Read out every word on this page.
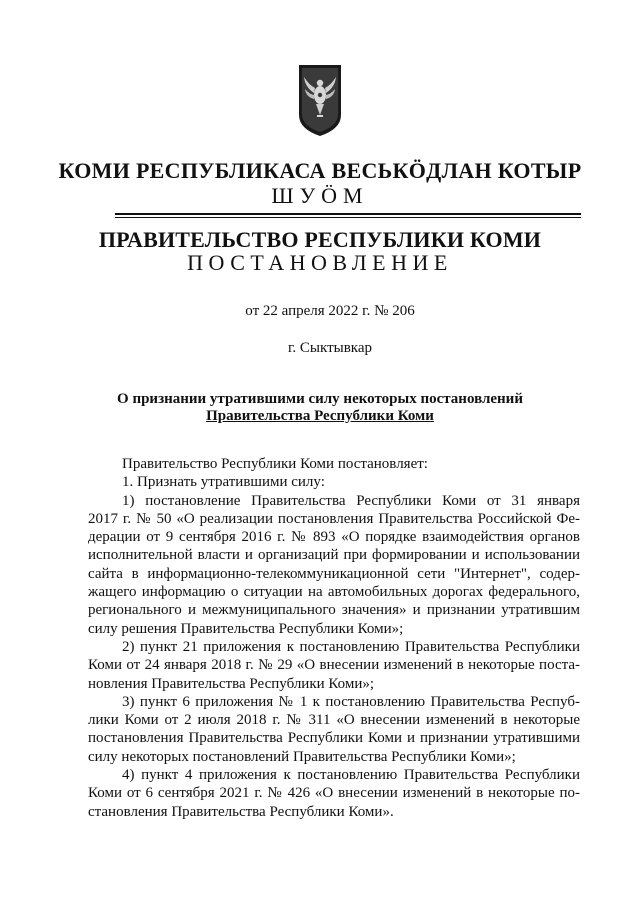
КОМИ РЕСПУБЛИКАСА ВЕСЬКӦДЛАН КОТЫР
ШУӦМ
ПРАВИТЕЛЬСТВО РЕСПУБЛИКИ КОМИ
ПОСТАНОВЛЕНИЕ
от 22 апреля 2022 г. № 206
г. Сыктывкар
О признании утратившими силу некоторых постановлений
Правительства Республики Коми
Правительство Республики Коми постановляет:
1. Признать утратившими силу:
1) постановление Правительства Республики Коми от 31 января
2017 г. № 50 «О реализации постановления Правительства Российской Фе-
дерации от 9 сентября 2016 г. № 893 «О порядке взаимодействия органов
исполнительной власти и организаций при формировании и использовании
сайта в информационно-телекоммуникационной сети "Интернет", содер-
жащего информацию о ситуации на автомобильных дорогах федерального,
регионального и межмуниципального значения» и признании утратившим
силу решения Правительства Республики Коми»;
2) пункт 21 приложения к постановлению Правительства Республики
Коми от 24 января 2018 г. № 29 «О внесении изменений в некоторые поста-
новления Правительства Республики Коми»;
3) пункт 6 приложения № 1 к постановлению Правительства Респуб-
лики Коми от 2 июля 2018 г. № 311 «О внесении изменений в некоторые
постановления Правительства Республики Коми и признании утратившими
силу некоторых постановлений Правительства Республики Коми»;
4) пункт 4 приложения к постановлению Правительства Республики
Коми от 6 сентября 2021 г. № 426 «О внесении изменений в некоторые по-
становления Правительства Республики Коми».
